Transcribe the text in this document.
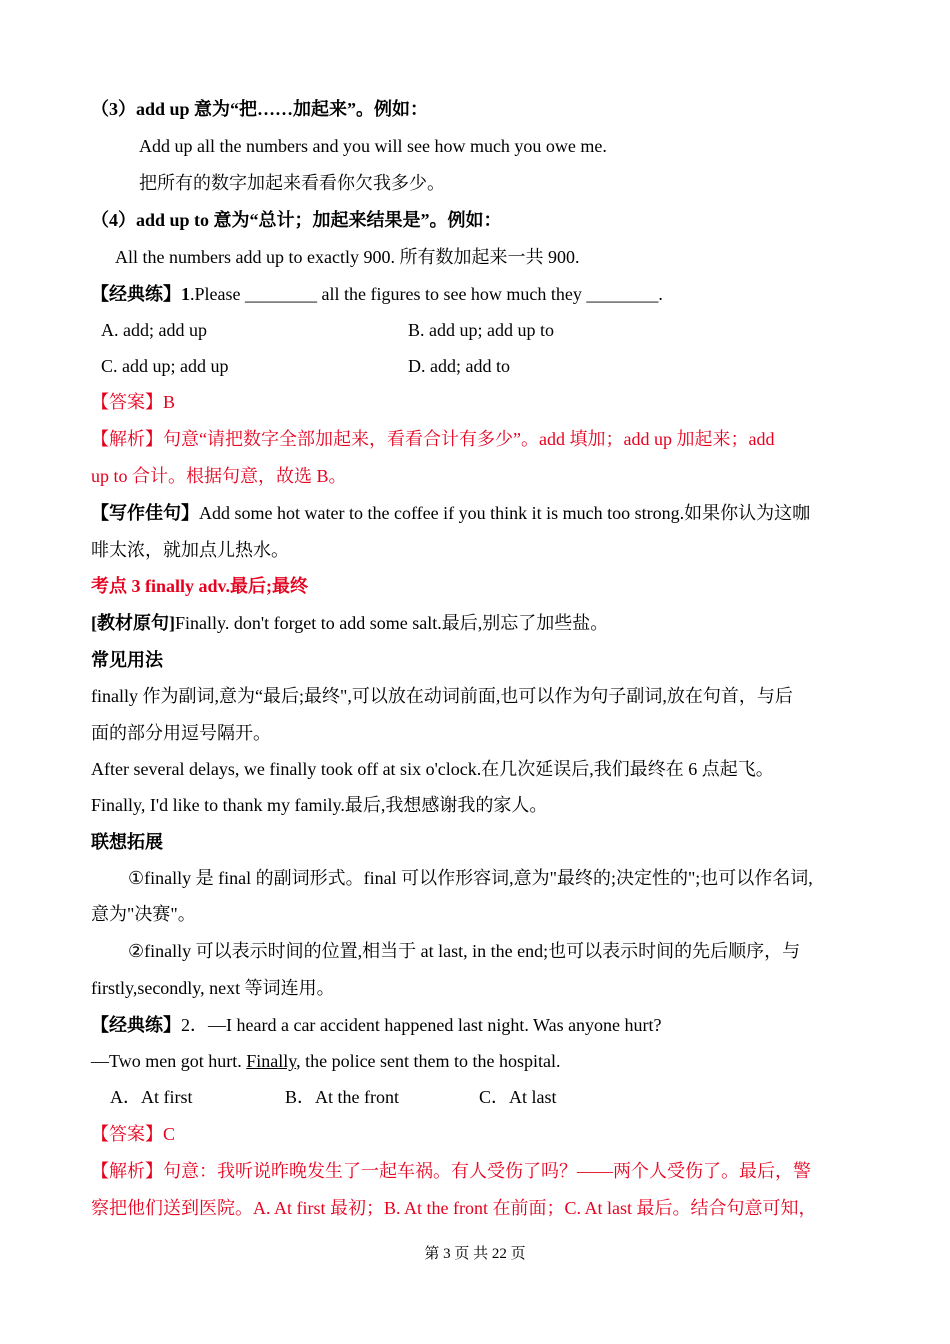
（3）add up 意为“把……加起来”。例如：
Add up all the numbers and you will see how much you owe me.
把所有的数字加起来看看你欠我多少。
（4）add up to 意为“总计；加起来结果是”。例如：
All the numbers add up to exactly 900. 所有数加起来一共 900.
【经典练】1.Please ________ all the figures to see how much they ________.
A. add; add up	B. add up; add up to
C. add up; add up	D. add; add to
【答案】B
【解析】句意“请把数字全部加起来，看看合计有多少”。add 填加；add up 加起来；add
up to 合计。根据句意，故选 B。
【写作佳句】Add some hot water to the coffee if you think it is much too strong.如果你认为这咖
啡太浓，就加点儿热水。
考点 3 finally adv.最后;最终
[教材原句]Finally. don't forget to add some salt.最后,别忘了加些盐。
常见用法
finally 作为副词,意为“最后;最终",可以放在动词前面,也可以作为句子副词,放在句首，与后
面的部分用逗号隔开。
After several delays, we finally took off at six o'clock.在几次延误后,我们最终在 6 点起飞。
Finally, I'd like to thank my family.最后,我想感谢我的家人。
联想拓展
①finally 是 final 的副词形式。final 可以作形容词,意为"最终的;决定性的";也可以作名词,
意为"决赛"。
②finally 可以表示时间的位置,相当于 at last, in the end;也可以表示时间的先后顺序，与
firstly,secondly, next 等词连用。
【经典练】2．—I heard a car accident happened last night. Was anyone hurt?
—Two men got hurt. Finally, the police sent them to the hospital.
A．At first	B．At the front	C．At last
【答案】C
【解析】句意：我听说昨晚发生了一起车祸。有人受伤了吗？——两个人受伤了。最后，警
察把他们送到医院。A. At first 最初；B. At the front 在前面；C. At last 最后。结合句意可知，
第 3 页 共 22 页
